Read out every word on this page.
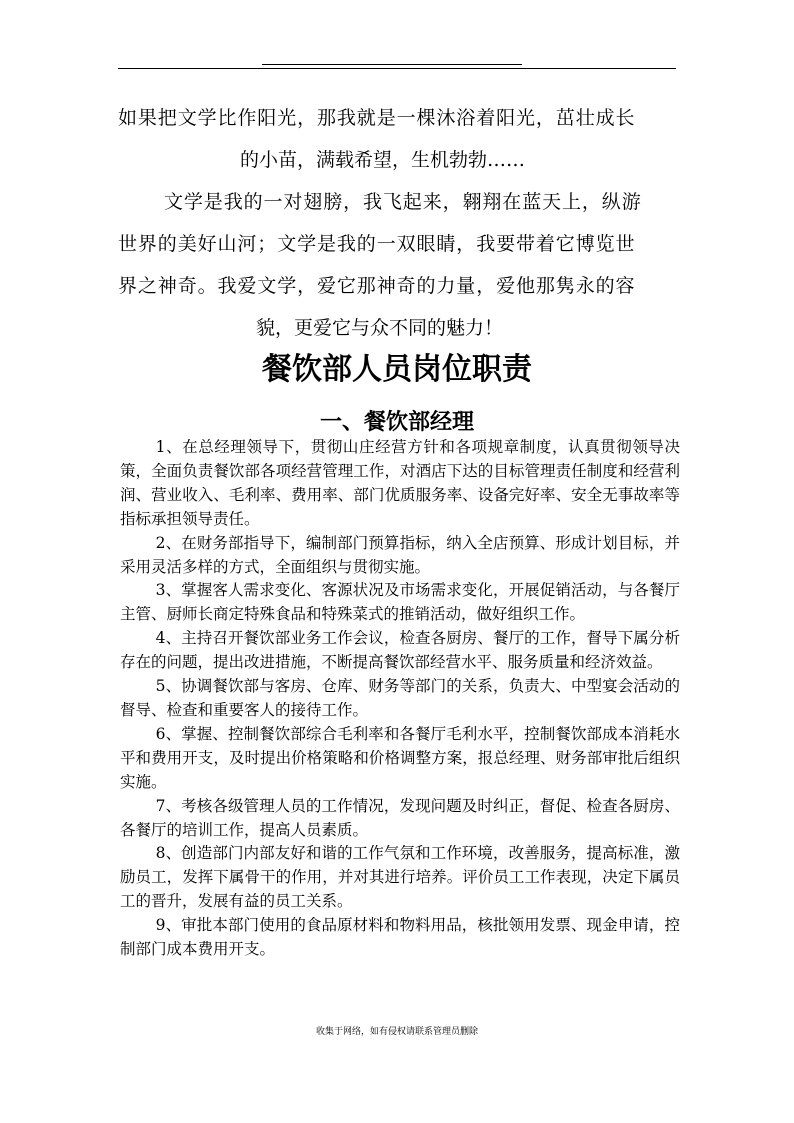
如果把文学比作阳光，那我就是一棵沐浴着阳光，茁壮成长
的小苗，满载希望，生机勃勃……
文学是我的一对翅膀，我飞起来，翱翔在蓝天上，纵游
世界的美好山河；文学是我的一双眼睛，我要带着它博览世
界之神奇。我爱文学，爱它那神奇的力量，爱他那隽永的容
貌，更爱它与众不同的魅力！
餐饮部人员岗位职责
一、餐饮部经理

1、在总经理领导下，贯彻山庄经营方针和各项规章制度，认真贯彻领导决策，全面负责餐饮部各项经营管理工作，对酒店下达的目标管理责任制度和经营利润、营业收入、毛利率、费用率、部门优质服务率、设备完好率、安全无事故率等指标承担领导责任。

2、在财务部指导下，编制部门预算指标，纳入全店预算、形成计划目标，并采用灵活多样的方式，全面组织与贯彻实施。

3、掌握客人需求变化、客源状况及市场需求变化，开展促销活动，与各餐厅主管、厨师长商定特殊食品和特殊菜式的推销活动，做好组织工作。

4、主持召开餐饮部业务工作会议，检查各厨房、餐厅的工作，督导下属分析存在的问题，提出改进措施，不断提高餐饮部经营水平、服务质量和经济效益。

5、协调餐饮部与客房、仓库、财务等部门的关系，负责大、中型宴会活动的督导、检查和重要客人的接待工作。

6、掌握、控制餐饮部综合毛利率和各餐厅毛利水平，控制餐饮部成本消耗水平和费用开支，及时提出价格策略和价格调整方案，报总经理、财务部审批后组织实施。

7、考核各级管理人员的工作情况，发现问题及时纠正，督促、检查各厨房、各餐厅的培训工作，提高人员素质。

8、创造部门内部友好和谐的工作气氛和工作环境，改善服务，提高标准，激励员工，发挥下属骨干的作用，并对其进行培养。评价员工工作表现，决定下属员工的晋升，发展有益的员工关系。

9、审批本部门使用的食品原材料和物料用品，核批领用发票、现金申请，控制部门成本费用开支。

收集于网络，如有侵权请联系管理员删除
